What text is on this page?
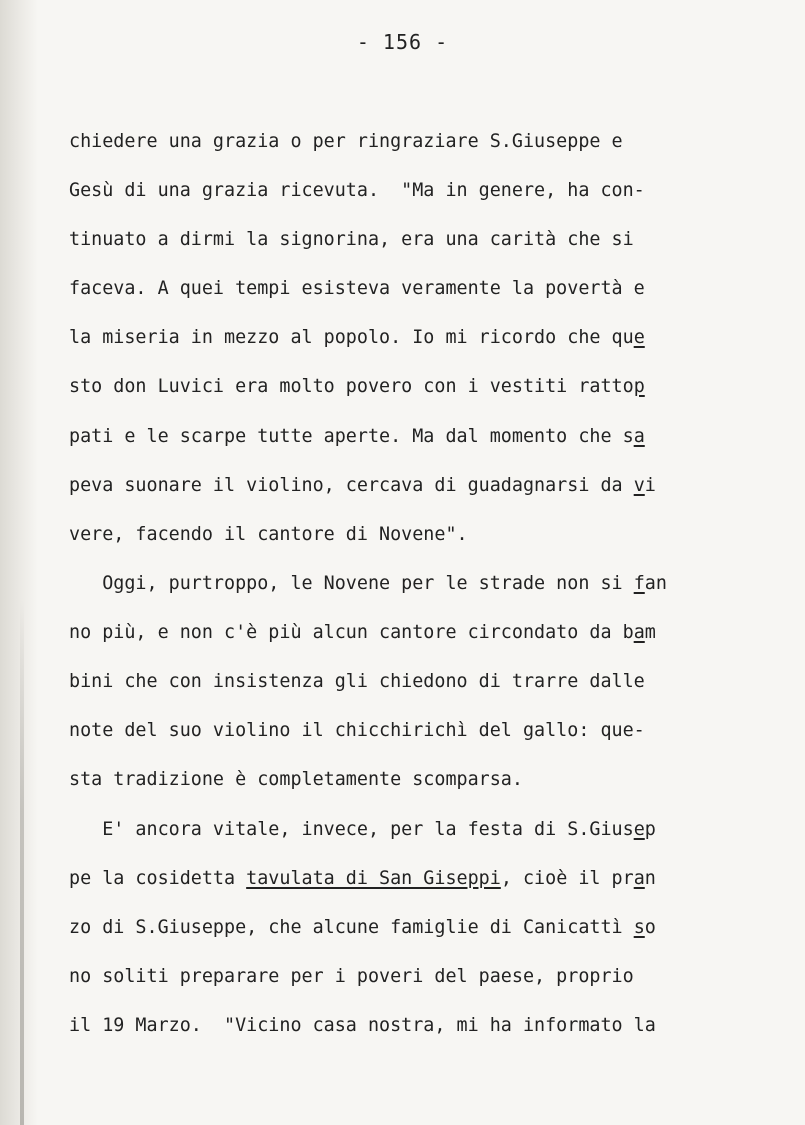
- 156 -
chiedere una grazia o per ringraziare S.Giuseppe e
Gesù di una grazia ricevuta.  "Ma in genere, ha con-
tinuato a dirmi la signorina, era una carità che si
faceva. A quei tempi esisteva veramente la povertà e
la miseria in mezzo al popolo. Io mi ricordo che que
sto don Luvici era molto povero con i vestiti rattop
pati e le scarpe tutte aperte. Ma dal momento che sa
peva suonare il violino, cercava di guadagnarsi da vi
vere, facendo il cantore di Novene".
Oggi, purtroppo, le Novene per le strade non si fan
no più, e non c'è più alcun cantore circondato da bam
bini che con insistenza gli chiedono di trarre dalle
note del suo violino il chicchirichì del gallo: que-
sta tradizione è completamente scomparsa.
E' ancora vitale, invece, per la festa di S.Giusep
pe la cosidetta tavulata di San Giseppi, cioè il pran
zo di S.Giuseppe, che alcune famiglie di Canicattì so
no soliti preparare per i poveri del paese, proprio
il 19 Marzo.  "Vicino casa nostra, mi ha informato la
